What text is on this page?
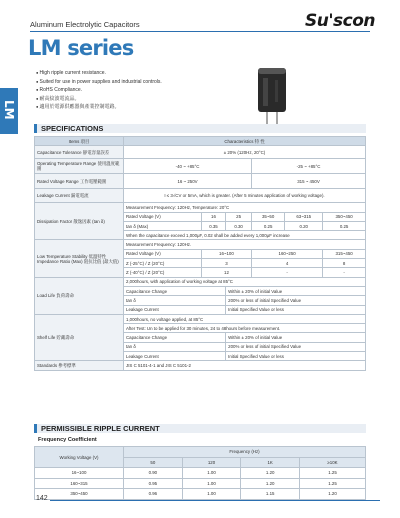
Aluminum Electrolytic Capacitors	Su'scon
LM series
LM
● High ripple current resistance.
● Suited for use in power supplies and industrial controls.
● RoHS Compliance.
● 耐高紋波電流品。
● 適用於電源供應器與產業控制電路。
SPECIFICATIONS
Items 項目	Characteristics 特 性					
Capacitance Tolerance 靜電容量誤差	± 20% (120Hz, 20°C)					
Operating Temperature Range 使用溫度範圍	-40 ~ +85°C			-25 ~ +85°C		
Rated Voltage Range 工作電壓範圍	16 ~ 250V			315 ~ 450V		
Leakage Current 漏電電流	I ≤ 3√CV or 5mA, which is greater. (After 5 minutes application of working voltage).					
Dissipation Factor 散逸因素 (tan δ)	Measurement Frequency: 120Hz, Temperature: 20°C					
	Rated Voltage (V)	16	25	35~50	63~315	350~450
	tan δ (Max)	0.35	0.30	0.25	0.20	0.25
	When the capacitance exceed 1,000μF, 0.02 shall be added every 1,000μF increase					
Low Temperature Stability 低溫特性 Impedance Ratio (Max) 阻抗比值 (最大值)	Measurement Frequency: 120Hz.					
	Rated Voltage (V)	16~100		160~250		315~450
	Z (-25°C) / Z (20°C)	3		4		8
	Z (-40°C) / Z (20°C)	12		-		-
Load Life 負荷壽命	2,000hours, with application of working voltage at 85°C					
	Capacitance Change		Within ± 20% of initial Value			
	tan δ		200% or less of initial Specified Value			
	Leakage Current		Initial Specified Value or less			
Shelf Life 貯藏壽命	1,000hours, no voltage applied, at 85°C					
	After Test: Un to be applied for 30 minutes, 24 to 48hours before measurement.					
	Capacitance Change		Within ± 20% of initial Value			
	tan δ		200% or less of initial Specified Value			
	Leakage Current		Initial Specified Value or less			
Standards 參考標準	JIS C 5101-4-1 and JIS C 5101-2					
PERMISSIBLE RIPPLE CURRENT
Frequency Coefficient
Working Voltage (V)	Frequency (Hz)			
	50	120	1K	≥10K
16~100	0.90	1.00	1.20	1.25
160~315	0.95	1.00	1.20	1.25
350~450	0.96	1.00	1.15	1.20
142
